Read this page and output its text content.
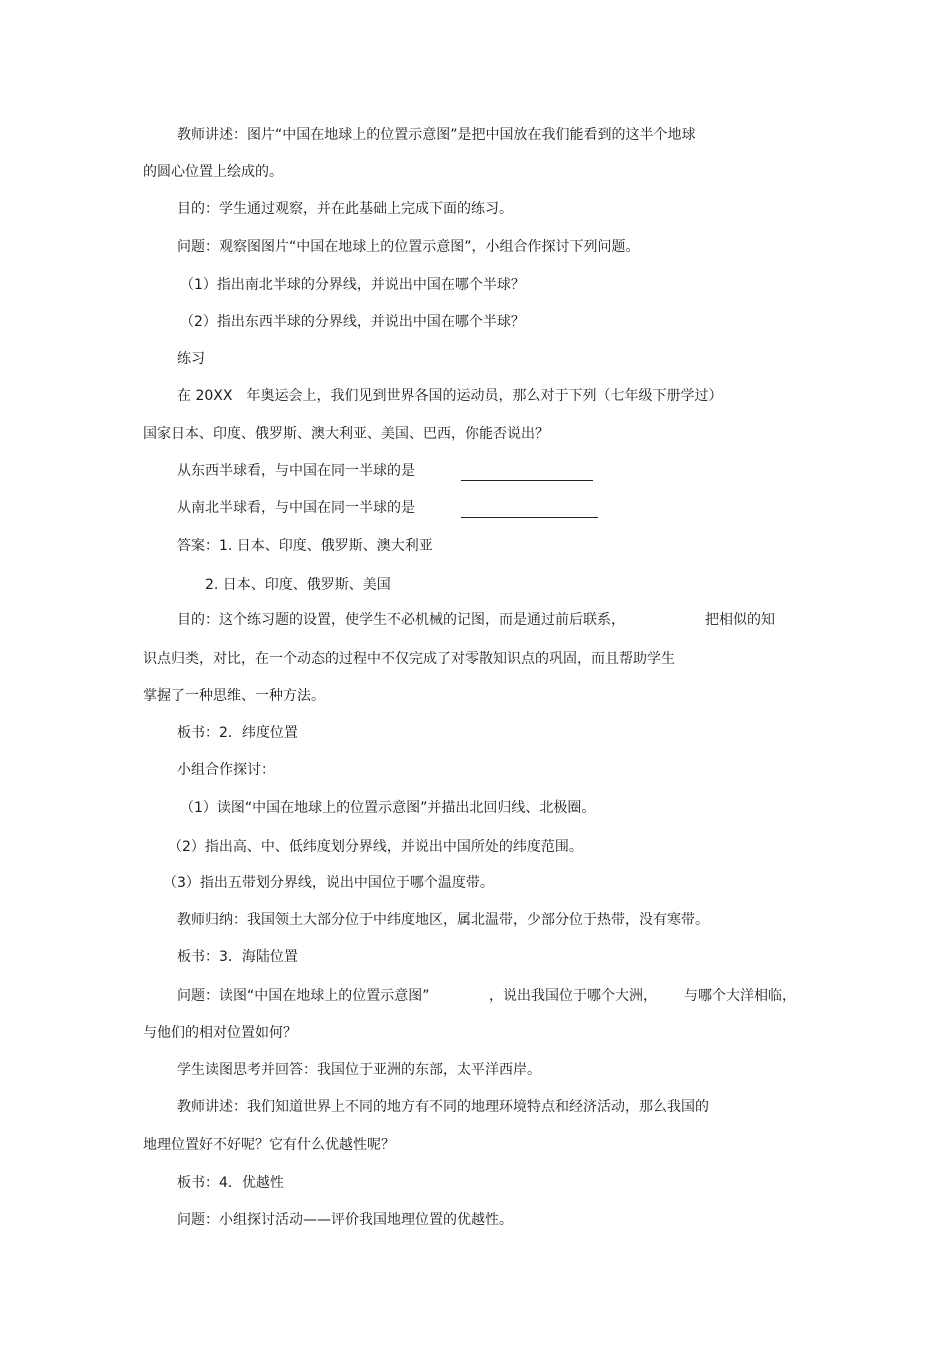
教师讲述：图片“中国在地球上的位置示意图”是把中国放在我们能看到的这半个地球
的圆心位置上绘成的。
目的：学生通过观察，并在此基础上完成下面的练习。
问题：观察图图片“中国在地球上的位置示意图”，小组合作探讨下列问题。
（1）指出南北半球的分界线，并说出中国在哪个半球？
（2）指出东西半球的分界线，并说出中国在哪个半球？
练习
在 20XX　年奥运会上，我们见到世界各国的运动员，那么对于下列（七年级下册学过）
国家日本、印度、俄罗斯、澳大利亚、美国、巴西，你能否说出？
从东西半球看，与中国在同一半球的是
从南北半球看，与中国在同一半球的是
答案：1. 日本、印度、俄罗斯、澳大利亚
2. 日本、印度、俄罗斯、美国
目的：这个练习题的设置，使学生不必机械的记图，而是通过前后联系，	把相似的知
识点归类，对比，在一个动态的过程中不仅完成了对零散知识点的巩固，而且帮助学生
掌握了一种思维、一种方法。
板书：2．纬度位置
小组合作探讨：
（1）读图“中国在地球上的位置示意图”并描出北回归线、北极圈。
（2）指出高、中、低纬度划分界线，并说出中国所处的纬度范围。
（3）指出五带划分界线，说出中国位于哪个温度带。
教师归纳：我国领土大部分位于中纬度地区，属北温带，少部分位于热带，没有寒带。
板书：3．海陆位置
问题：读图“中国在地球上的位置示意图”	，说出我国位于哪个大洲， 与哪个大洋相临，
与他们的相对位置如何？
学生读图思考并回答：我国位于亚洲的东部，太平洋西岸。
教师讲述：我们知道世界上不同的地方有不同的地理环境特点和经济活动，那么我国的
地理位置好不好呢？它有什么优越性呢？
板书：4．优越性
问题：小组探讨活动——评价我国地理位置的优越性。
